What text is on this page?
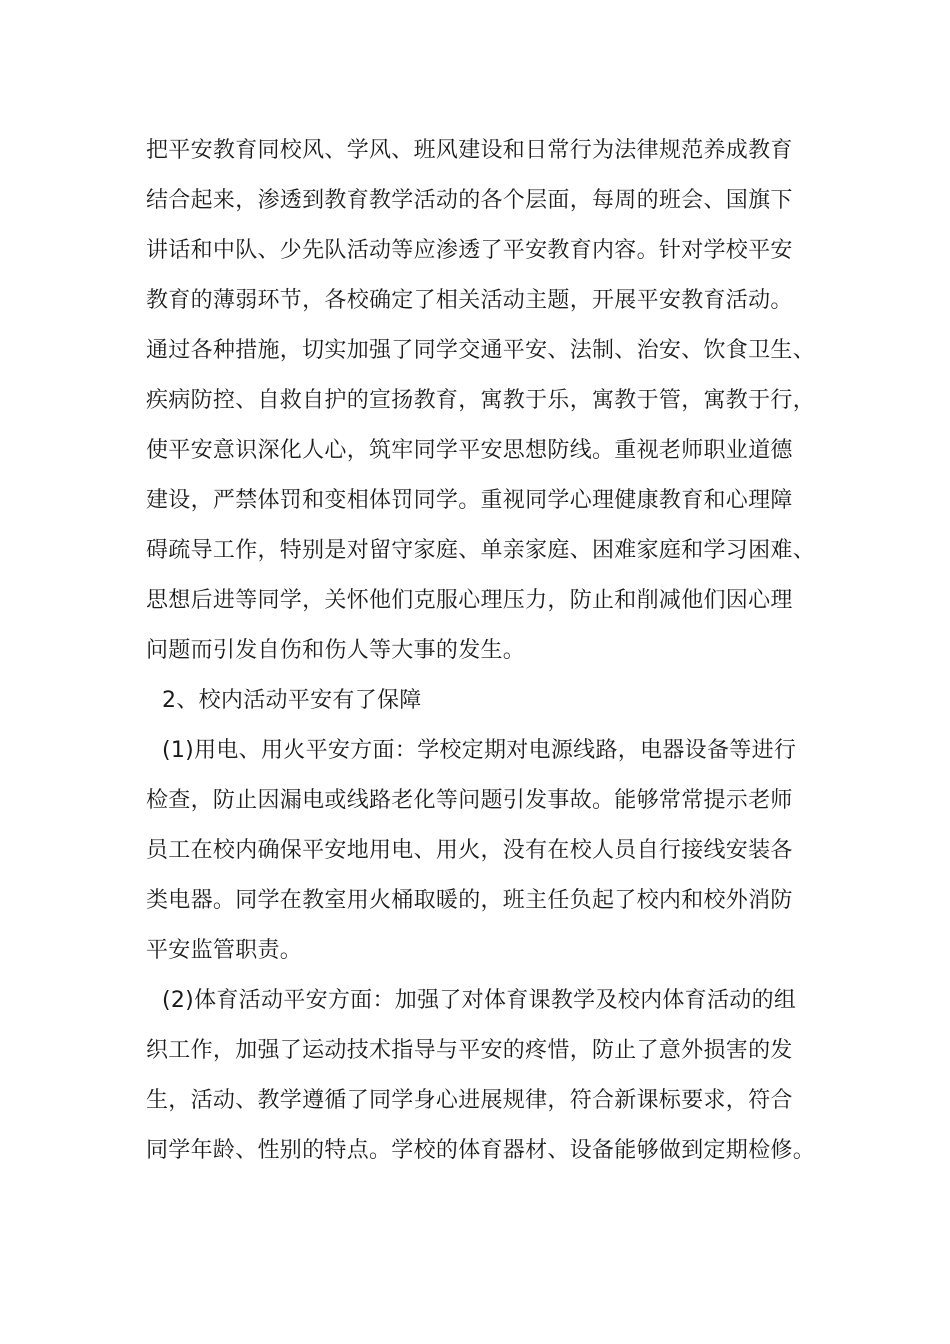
把平安教育同校风、学风、班风建设和日常行为法律规范养成教育
结合起来，渗透到教育教学活动的各个层面，每周的班会、国旗下
讲话和中队、少先队活动等应渗透了平安教育内容。针对学校平安
教育的薄弱环节，各校确定了相关活动主题，开展平安教育活动。
通过各种措施，切实加强了同学交通平安、法制、治安、饮食卫生、
疾病防控、自救自护的宣扬教育，寓教于乐，寓教于管，寓教于行，
使平安意识深化人心，筑牢同学平安思想防线。重视老师职业道德
建设，严禁体罚和变相体罚同学。重视同学心理健康教育和心理障
碍疏导工作，特别是对留守家庭、单亲家庭、困难家庭和学习困难、
思想后进等同学，关怀他们克服心理压力，防止和削减他们因心理
问题而引发自伤和伤人等大事的发生。
2、校内活动平安有了保障
(1)用电、用火平安方面：学校定期对电源线路，电器设备等进行
检查，防止因漏电或线路老化等问题引发事故。能够常常提示老师
员工在校内确保平安地用电、用火，没有在校人员自行接线安装各
类电器。同学在教室用火桶取暖的，班主任负起了校内和校外消防
平安监管职责。
(2)体育活动平安方面：加强了对体育课教学及校内体育活动的组
织工作，加强了运动技术指导与平安的疼惜，防止了意外损害的发
生，活动、教学遵循了同学身心进展规律，符合新课标要求，符合
同学年龄、性别的特点。学校的体育器材、设备能够做到定期检修。
